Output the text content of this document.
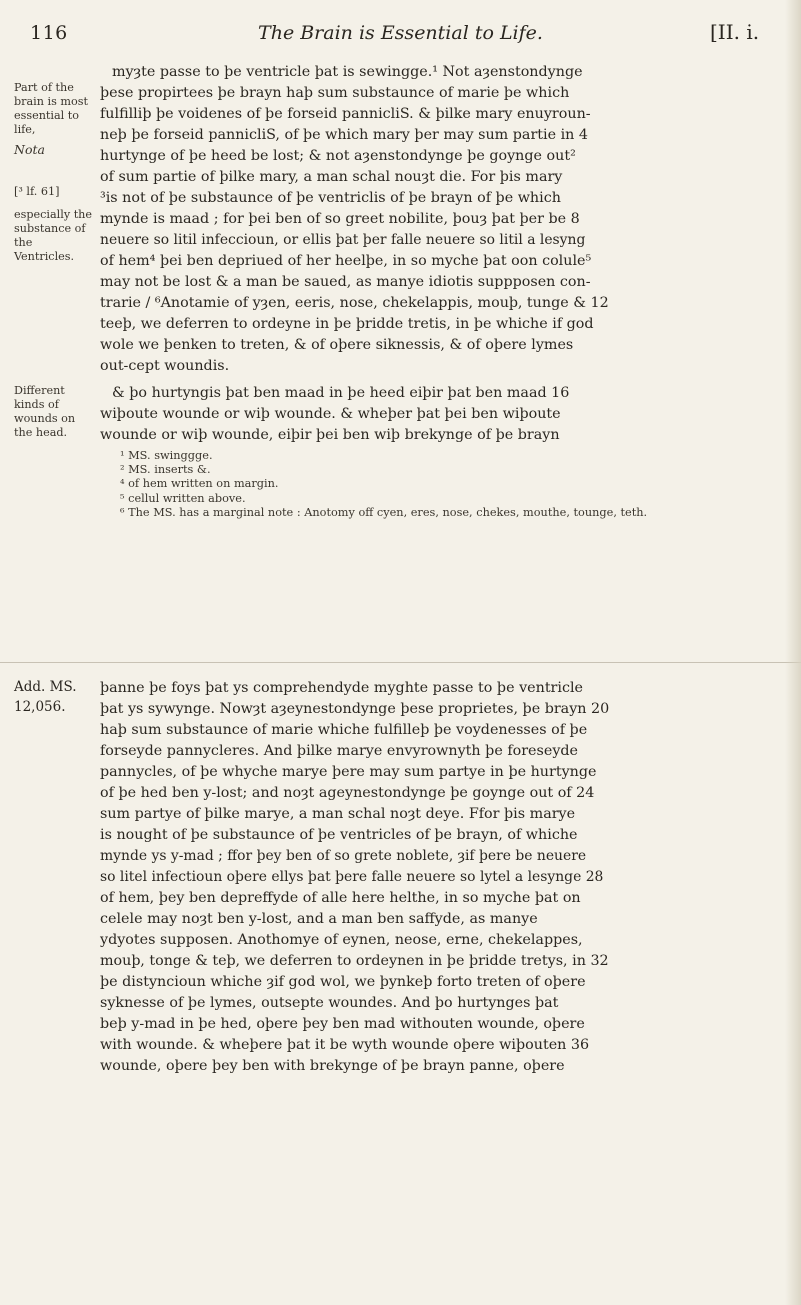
116	The Brain is Essential to Life.	[II. i.
Part of the brain is most essential to life,
Nota
[³ lf. 61]
especially the substance of the Ventricles.
Different kinds of wounds on the head.
myȝte passe to þe ventricle þat is sewingge.¹ Not aȝenstondynge
þese propirtees þe brayn haþ sum substaunce of marie þe which
fulfilliþ þe voidenes of þe forseid pannicliS. & þilke mary enuyroun-
neþ þe forseid pannicliS, of þe which mary þer may sum partie in 4
hurtynge of þe heed be lost; & not aȝenstondynge þe goynge out²
of sum partie of þilke mary, a man schal nouȝt die. For þis mary
³is not of þe substaunce of þe ventriclis of þe brayn of þe which
mynde is maad ; for þei ben of so greet nobilite, þouȝ þat þer be 8
neuere so litil infeccioun, or ellis þat þer falle neuere so litil a lesyng
of hem⁴ þei ben depriued of her heelþe, in so myche þat oon colule⁵
may not be lost & a man be saued, as manye idiotis suppposen con-
trarie / ⁶Anotamie of yȝen, eeris, nose, chekelappis, mouþ, tunge & 12
teeþ, we deferren to ordeyne in þe þridde tretis, in þe whiche if god
wole we þenken to treten, & of oþere siknessis, & of oþere lymes
out-cept woundis.
& þo hurtyngis þat ben maad in þe heed eiþir þat ben maad 16
wiþoute wounde or wiþ wounde. & wheþer þat þei ben wiþoute
wounde or wiþ wounde, eiþir þei ben wiþ brekynge of þe brayn
¹ MS. swinggge.
² MS. inserts &.
⁴ of hem written on margin.
⁵ cellul written above.
⁶ The MS. has a marginal note : Anotomy off cyen, eres, nose, chekes, mouthe, tounge, teth.
Add. MS. 12,056.
þanne þe foys þat ys comprehendyde myghte passe to þe ventricle
þat ys sywynge. Nowȝt aȝeynestondynge þese proprietes, þe brayn 20
haþ sum substaunce of marie whiche fulfilleþ þe voydenesses of þe
forseyde pannycleres. And þilke marye envyrownyth þe foreseyde
pannycles, of þe whyche marye þere may sum partye in þe hurtynge
of þe hed ben y-lost; and noȝt ageynestondynge þe goynge out of 24
sum partye of þilke marye, a man schal noȝt deye. Ffor þis marye
is nought of þe substaunce of þe ventricles of þe brayn, of whiche
mynde ys y-mad ; ffor þey ben of so grete noblete, ȝif þere be neuere
so litel infectioun oþere ellys þat þere falle neuere so lytel a lesynge 28
of hem, þey ben depreffyde of alle here helthe, in so myche þat on
celele may noȝt ben y-lost, and a man ben saffyde, as manye
ydyotes supposen. Anothomye of eynen, neose, erne, chekelappes,
mouþ, tonge & teþ, we deferren to ordeynen in þe þridde tretys, in 32
þe distyncioun whiche ȝif god wol, we þynkeþ forto treten of oþere
syknesse of þe lymes, outsepte woundes. And þo hurtynges þat
beþ y-mad in þe hed, oþere þey ben mad withouten wounde, oþere
with wounde. & wheþere þat it be wyth wounde oþere wiþouten 36
wounde, oþere þey ben with brekynge of þe brayn panne, oþere
